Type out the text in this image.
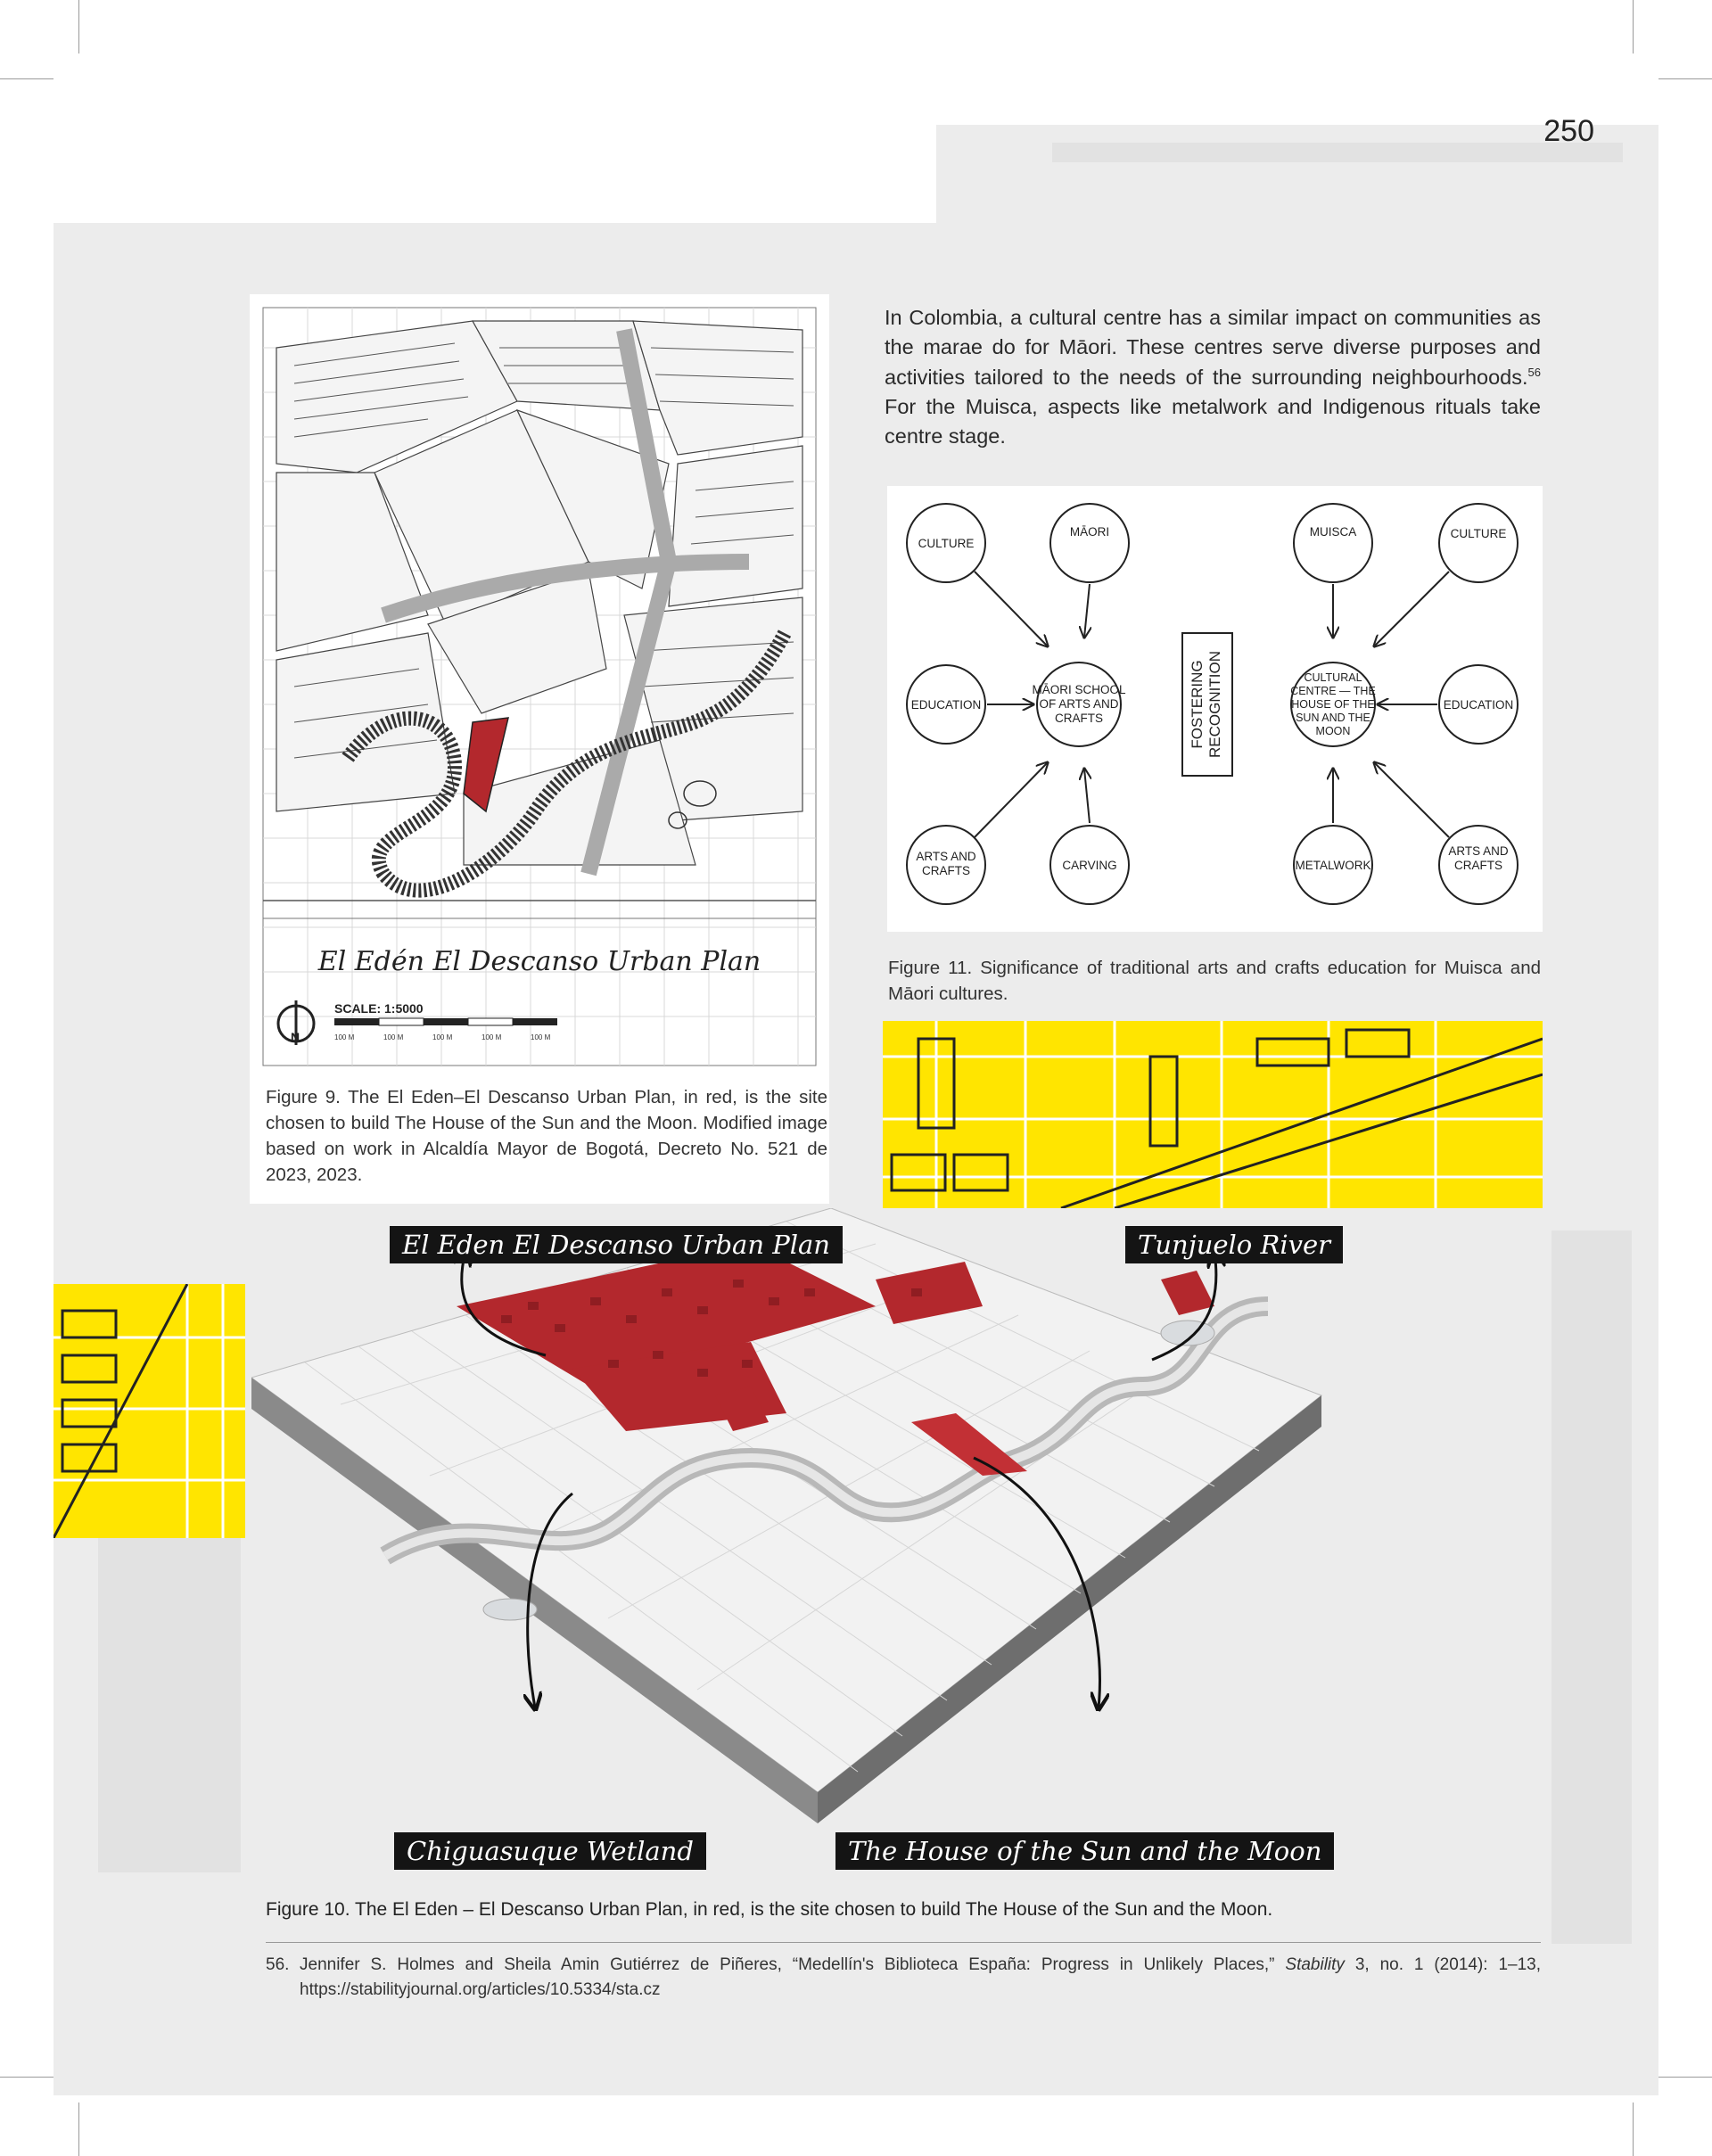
250
El Edén El Descanso Urban Plan
N
SCALE: 1:5000
100 M	100 M	100 M	100 M	100 M
Figure 9. The El Eden–El Descanso Urban Plan, in red, is the site chosen to build The House of the Sun and the Moon. Modified image based on work in Alcaldía Mayor de Bogotá, Decreto No. 521 de 2023, 2023.
In Colombia, a cultural centre has a similar impact on communities as the marae do for Māori. These centres serve diverse purposes and activities tailored to the needs of the surrounding neighbourhoods.$^{56}$ For the Muisca, aspects like metalwork and Indigenous rituals take centre stage.
CULTURE
MĀORI
EDUCATION
MĀORI SCHOOL
OF ARTS AND
CRAFTS
ARTS AND
CRAFTS	CARVING
MUISCA	CULTURE
EDUCATION
CULTURAL
CENTRE — THE
HOUSE OF THE
SUN AND THE
MOON
METALWORK
ARTS AND
CRAFTS
FOSTERING RECOGNITION
Figure 11. Significance of traditional arts and crafts education for Muisca and Māori cultures.
El Eden El Descanso Urban Plan	Tunjuelo River
Chiguasuque Wetland	The House of the Sun and the Moon
Figure 10. The El Eden – El Descanso Urban Plan, in red, is the site chosen to build The House of the Sun and the Moon.
56. Jennifer S. Holmes and Sheila Amin Gutiérrez de Piñeres, “Medellín's Biblioteca España: Progress in Unlikely Places,” Stability 3, no. 1 (2014): 1–13, https://stabilityjournal.org/articles/10.5334/sta.cz
